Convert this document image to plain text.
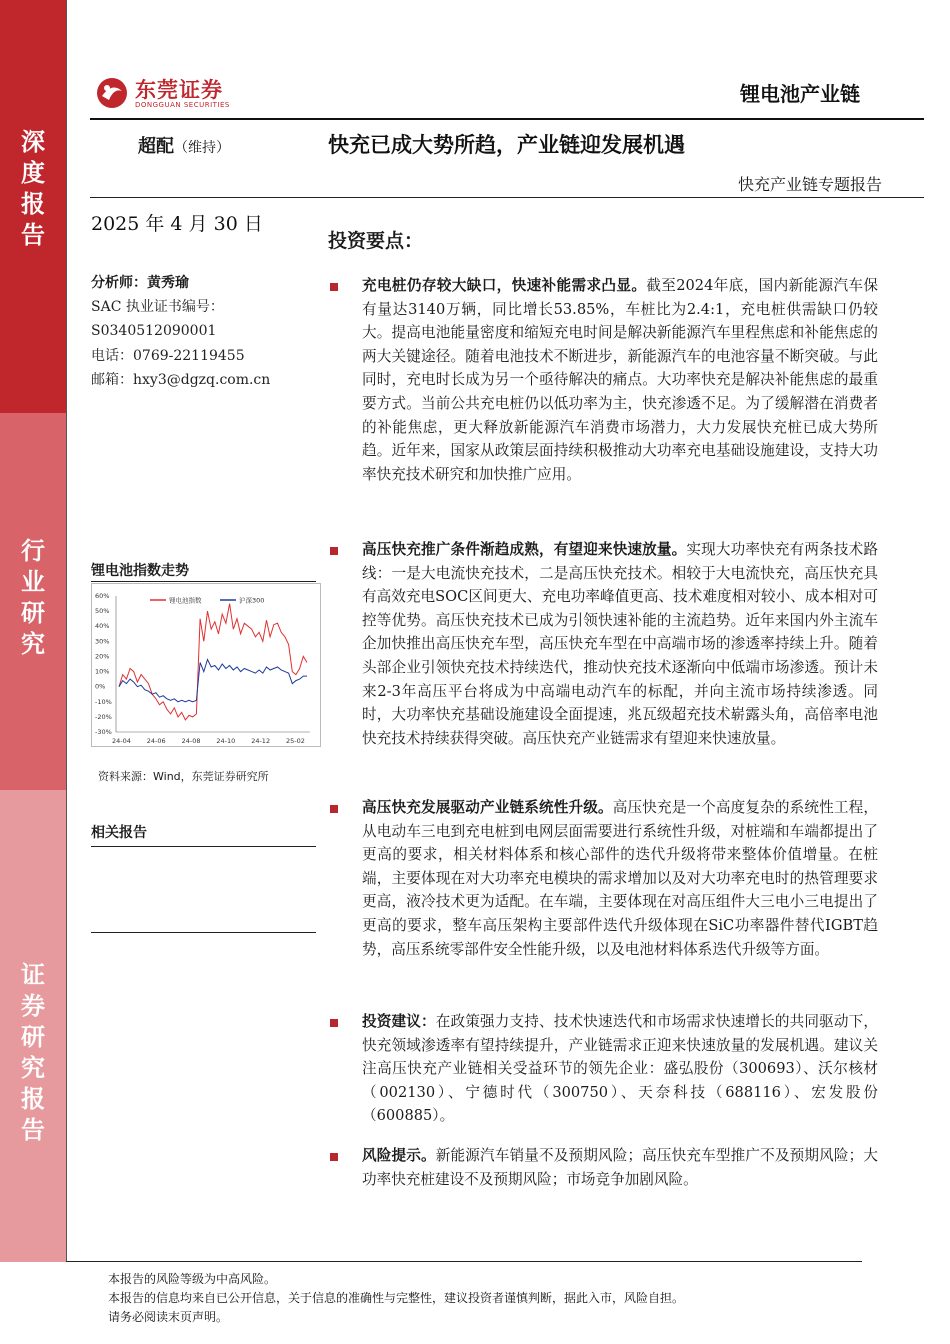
深
度
报
告
行
业
研
究
证
券
研
究
报
告
东莞证券
DONGGUAN SECURITIES	锂电池产业链
超配（维持）	快充已成大势所趋，产业链迎发展机遇
快充产业链专题报告
2025 年 4 月 30 日
分析师：黄秀瑜
SAC 执业证书编号：
S0340512090001
电话：0769-22119455
邮箱：hxy3@dgzq.com.cn
锂电池指数走势
60%
50%
40%
30%
20%
10%
0%
-10%
-20%
-30%
24-04 24-06 24-08 24-10 24-12 25-02
锂电池指数	沪深300
资料来源：Wind，东莞证券研究所
相关报告
投资要点：
充电桩仍存较大缺口，快速补能需求凸显。截至2024年底，国内新能源汽车保有量达3140万辆，同比增长53.85%，车桩比为2.4:1，充电桩供需缺口仍较大。提高电池能量密度和缩短充电时间是解决新能源汽车里程焦虑和补能焦虑的两大关键途径。随着电池技术不断进步，新能源汽车的电池容量不断突破。与此同时，充电时长成为另一个亟待解决的痛点。大功率快充是解决补能焦虑的最重要方式。当前公共充电桩仍以低功率为主，快充渗透不足。为了缓解潜在消费者的补能焦虑，更大释放新能源汽车消费市场潜力，大力发展快充桩已成大势所趋。近年来，国家从政策层面持续积极推动大功率充电基础设施建设，支持大功率快充技术研究和加快推广应用。
高压快充推广条件渐趋成熟，有望迎来快速放量。实现大功率快充有两条技术路线：一是大电流快充技术，二是高压快充技术。相较于大电流快充，高压快充具有高效充电SOC区间更大、充电功率峰值更高、技术难度相对较小、成本相对可控等优势。高压快充技术已成为引领快速补能的主流趋势。近年来国内外主流车企加快推出高压快充车型，高压快充车型在中高端市场的渗透率持续上升。随着头部企业引领快充技术持续迭代，推动快充技术逐渐向中低端市场渗透。预计未来2-3年高压平台将成为中高端电动汽车的标配，并向主流市场持续渗透。同时，大功率快充基础设施建设全面提速，兆瓦级超充技术崭露头角，高倍率电池快充技术持续获得突破。高压快充产业链需求有望迎来快速放量。
高压快充发展驱动产业链系统性升级。高压快充是一个高度复杂的系统性工程，从电动车三电到充电桩到电网层面需要进行系统性升级，对桩端和车端都提出了更高的要求，相关材料体系和核心部件的迭代升级将带来整体价值增量。在桩端，主要体现在对大功率充电模块的需求增加以及对大功率充电时的热管理要求更高，液冷技术更为适配。在车端，主要体现在对高压组件大三电小三电提出了更高的要求，整车高压架构主要部件迭代升级体现在SiC功率器件替代IGBT趋势，高压系统零部件安全性能升级，以及电池材料体系迭代升级等方面。
投资建议：在政策强力支持、技术快速迭代和市场需求快速增长的共同驱动下，快充领域渗透率有望持续提升，产业链需求正迎来快速放量的发展机遇。建议关注高压快充产业链相关受益环节的领先企业：盛弘股份（300693）、沃尔核材（002130）、宁德时代（300750）、天奈科技（688116）、宏发股份（600885）。
风险提示。新能源汽车销量不及预期风险；高压快充车型推广不及预期风险；大功率快充桩建设不及预期风险；市场竞争加剧风险。
本报告的风险等级为中高风险。
本报告的信息均来自已公开信息，关于信息的准确性与完整性，建议投资者谨慎判断，据此入市，风险自担。
请务必阅读末页声明。
